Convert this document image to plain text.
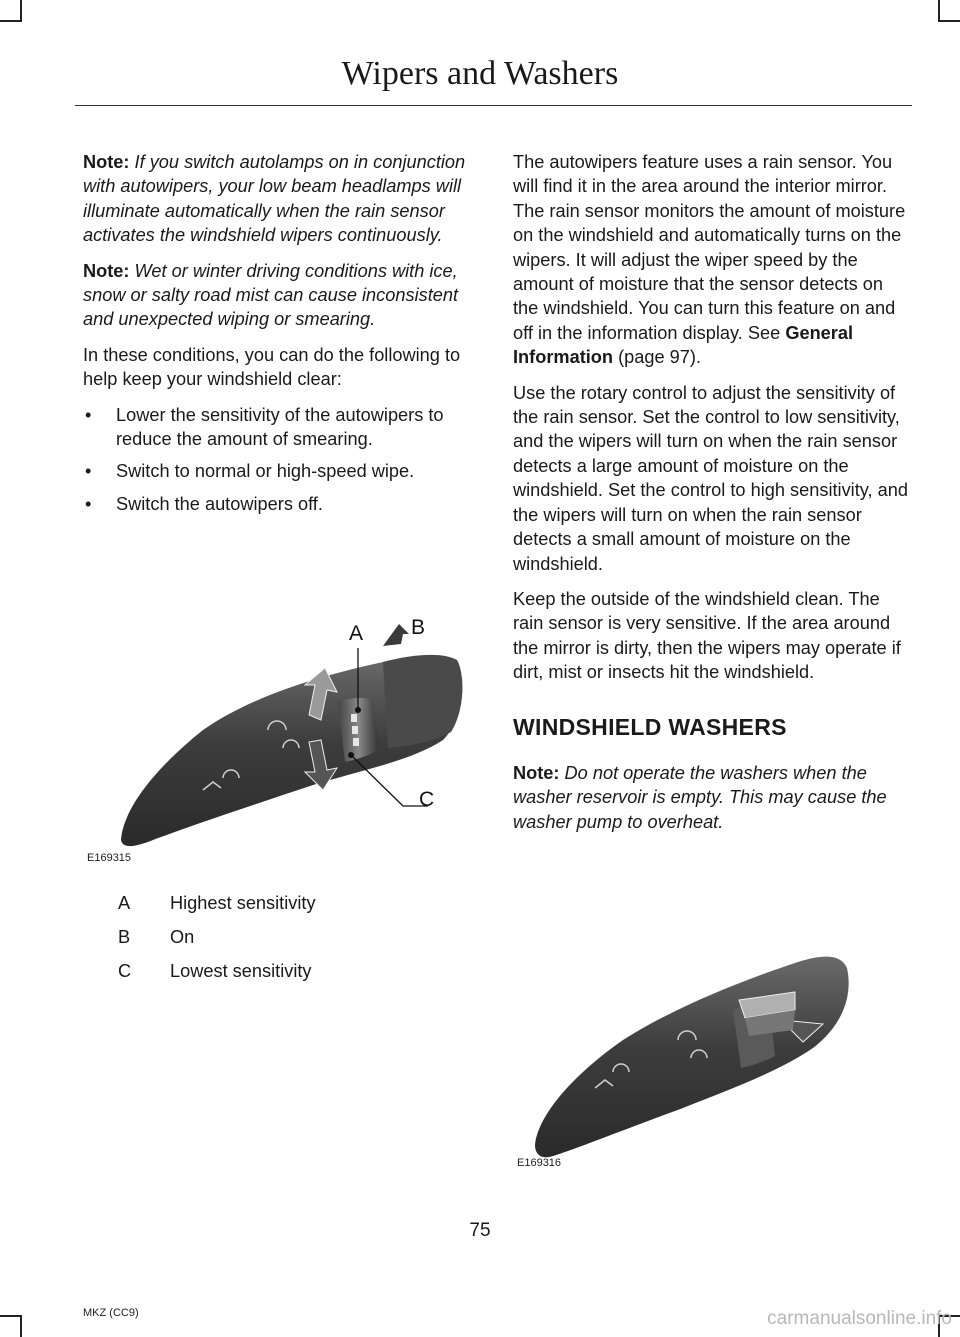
Wipers and Washers

Note: If you switch autolamps on in conjunction with autowipers, your low beam headlamps will illuminate automatically when the rain sensor activates the windshield wipers continuously.

Note: Wet or winter driving conditions with ice, snow or salty road mist can cause inconsistent and unexpected wiping or smearing.

In these conditions, you can do the following to help keep your windshield clear:

• Lower the sensitivity of the autowipers to reduce the amount of smearing.
• Switch to normal or high-speed wipe.
• Switch the autowipers off.
A B
C
E169315
A	Highest sensitivity
B	On
C	Lowest sensitivity

The autowipers feature uses a rain sensor. You will find it in the area around the interior mirror. The rain sensor monitors the amount of moisture on the windshield and automatically turns on the wipers. It will adjust the wiper speed by the amount of moisture that the sensor detects on the windshield. You can turn this feature on and off in the information display. See General Information (page 97).

Use the rotary control to adjust the sensitivity of the rain sensor. Set the control to low sensitivity, and the wipers will turn on when the rain sensor detects a large amount of moisture on the windshield. Set the control to high sensitivity, and the wipers will turn on when the rain sensor detects a small amount of moisture on the windshield.

Keep the outside of the windshield clean. The rain sensor is very sensitive. If the area around the mirror is dirty, then the wipers may operate if dirt, mist or insects hit the windshield.

WINDSHIELD WASHERS

Note: Do not operate the washers when the washer reservoir is empty. This may cause the washer pump to overheat.

E169316
75
MKZ (CC9)	carmanualsonline.info
